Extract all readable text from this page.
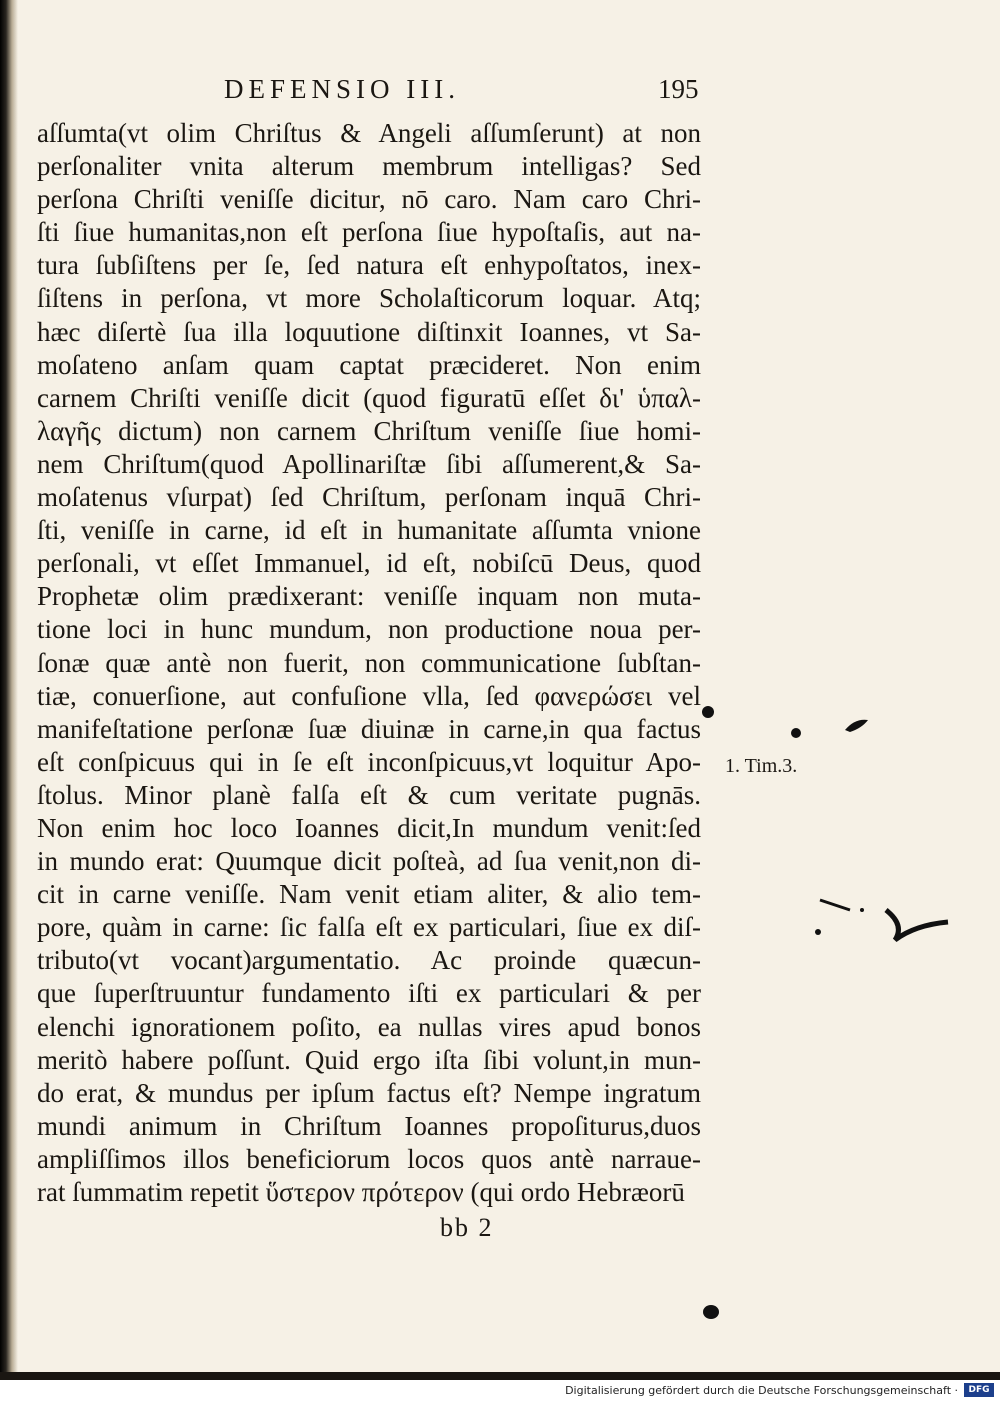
DEFENSIO III.	195
aſſumta(vt olim Chriſtus & Angeli aſſumſerunt) at non
perſonaliter vnita alterum membrum intelligas? Sed
perſona Chriſti veniſſe dicitur, nō caro. Nam caro Chri-
ſti ſiue humanitas,non eſt perſona ſiue hypoſtaſis, aut na-
tura ſubſiſtens per ſe, ſed natura eſt enhypoſtatos, inex-
ſiſtens in perſona, vt more Scholaſticorum loquar. Atq;
hæc diſertè ſua illa loquutione diſtinxit Ioannes, vt Sa-
moſateno anſam quam captat præcideret. Non enim
carnem Chriſti veniſſe dicit (quod figuratū eſſet δι' ὑπαλ-
λαγῆς dictum) non carnem Chriſtum veniſſe ſiue homi-
nem Chriſtum(quod Apollinariſtæ ſibi aſſumerent,& Sa-
moſatenus vſurpat) ſed Chriſtum, perſonam inquā Chri-
ſti, veniſſe in carne, id eſt in humanitate aſſumta vnione
perſonali, vt eſſet Immanuel, id eſt, nobiſcū Deus, quod
Prophetæ olim prædixerant: veniſſe inquam non muta-
tione loci in hunc mundum, non productione noua per-
ſonæ quæ antè non fuerit, non communicatione ſubſtan-
tiæ, conuerſione, aut confuſione vlla, ſed φανερώσει vel
manifeſtatione perſonæ ſuæ diuinæ in carne,in qua factus
eſt conſpicuus qui in ſe eſt inconſpicuus,vt loquitur Apo-
ſtolus. Minor planè falſa eſt & cum veritate pugnās.
Non enim hoc loco Ioannes dicit,In mundum venit:ſed
in mundo erat: Quumque dicit poſteà, ad ſua venit,non di-
cit in carne veniſſe. Nam venit etiam aliter, & alio tem-
pore, quàm in carne: ſic falſa eſt ex particulari, ſiue ex diſ-
tributo(vt vocant)argumentatio. Ac proinde quæcun-
que ſuperſtruuntur fundamento iſti ex particulari & per
elenchi ignorationem poſito, ea nullas vires apud bonos
meritò habere poſſunt. Quid ergo iſta ſibi volunt,in mun-
do erat, & mundus per ipſum factus eſt? Nempe ingratum
mundi animum in Chriſtum Ioannes propoſiturus,duos
ampliſſimos illos beneficiorum locos quos antè narraue-
rat ſummatim repetit ὕστερον πρότερον (qui ordo Hebræorū
1. Tim.3.
bb 2
Digitalisierung gefördert durch die Deutsche Forschungsgemeinschaft ·	DFG
